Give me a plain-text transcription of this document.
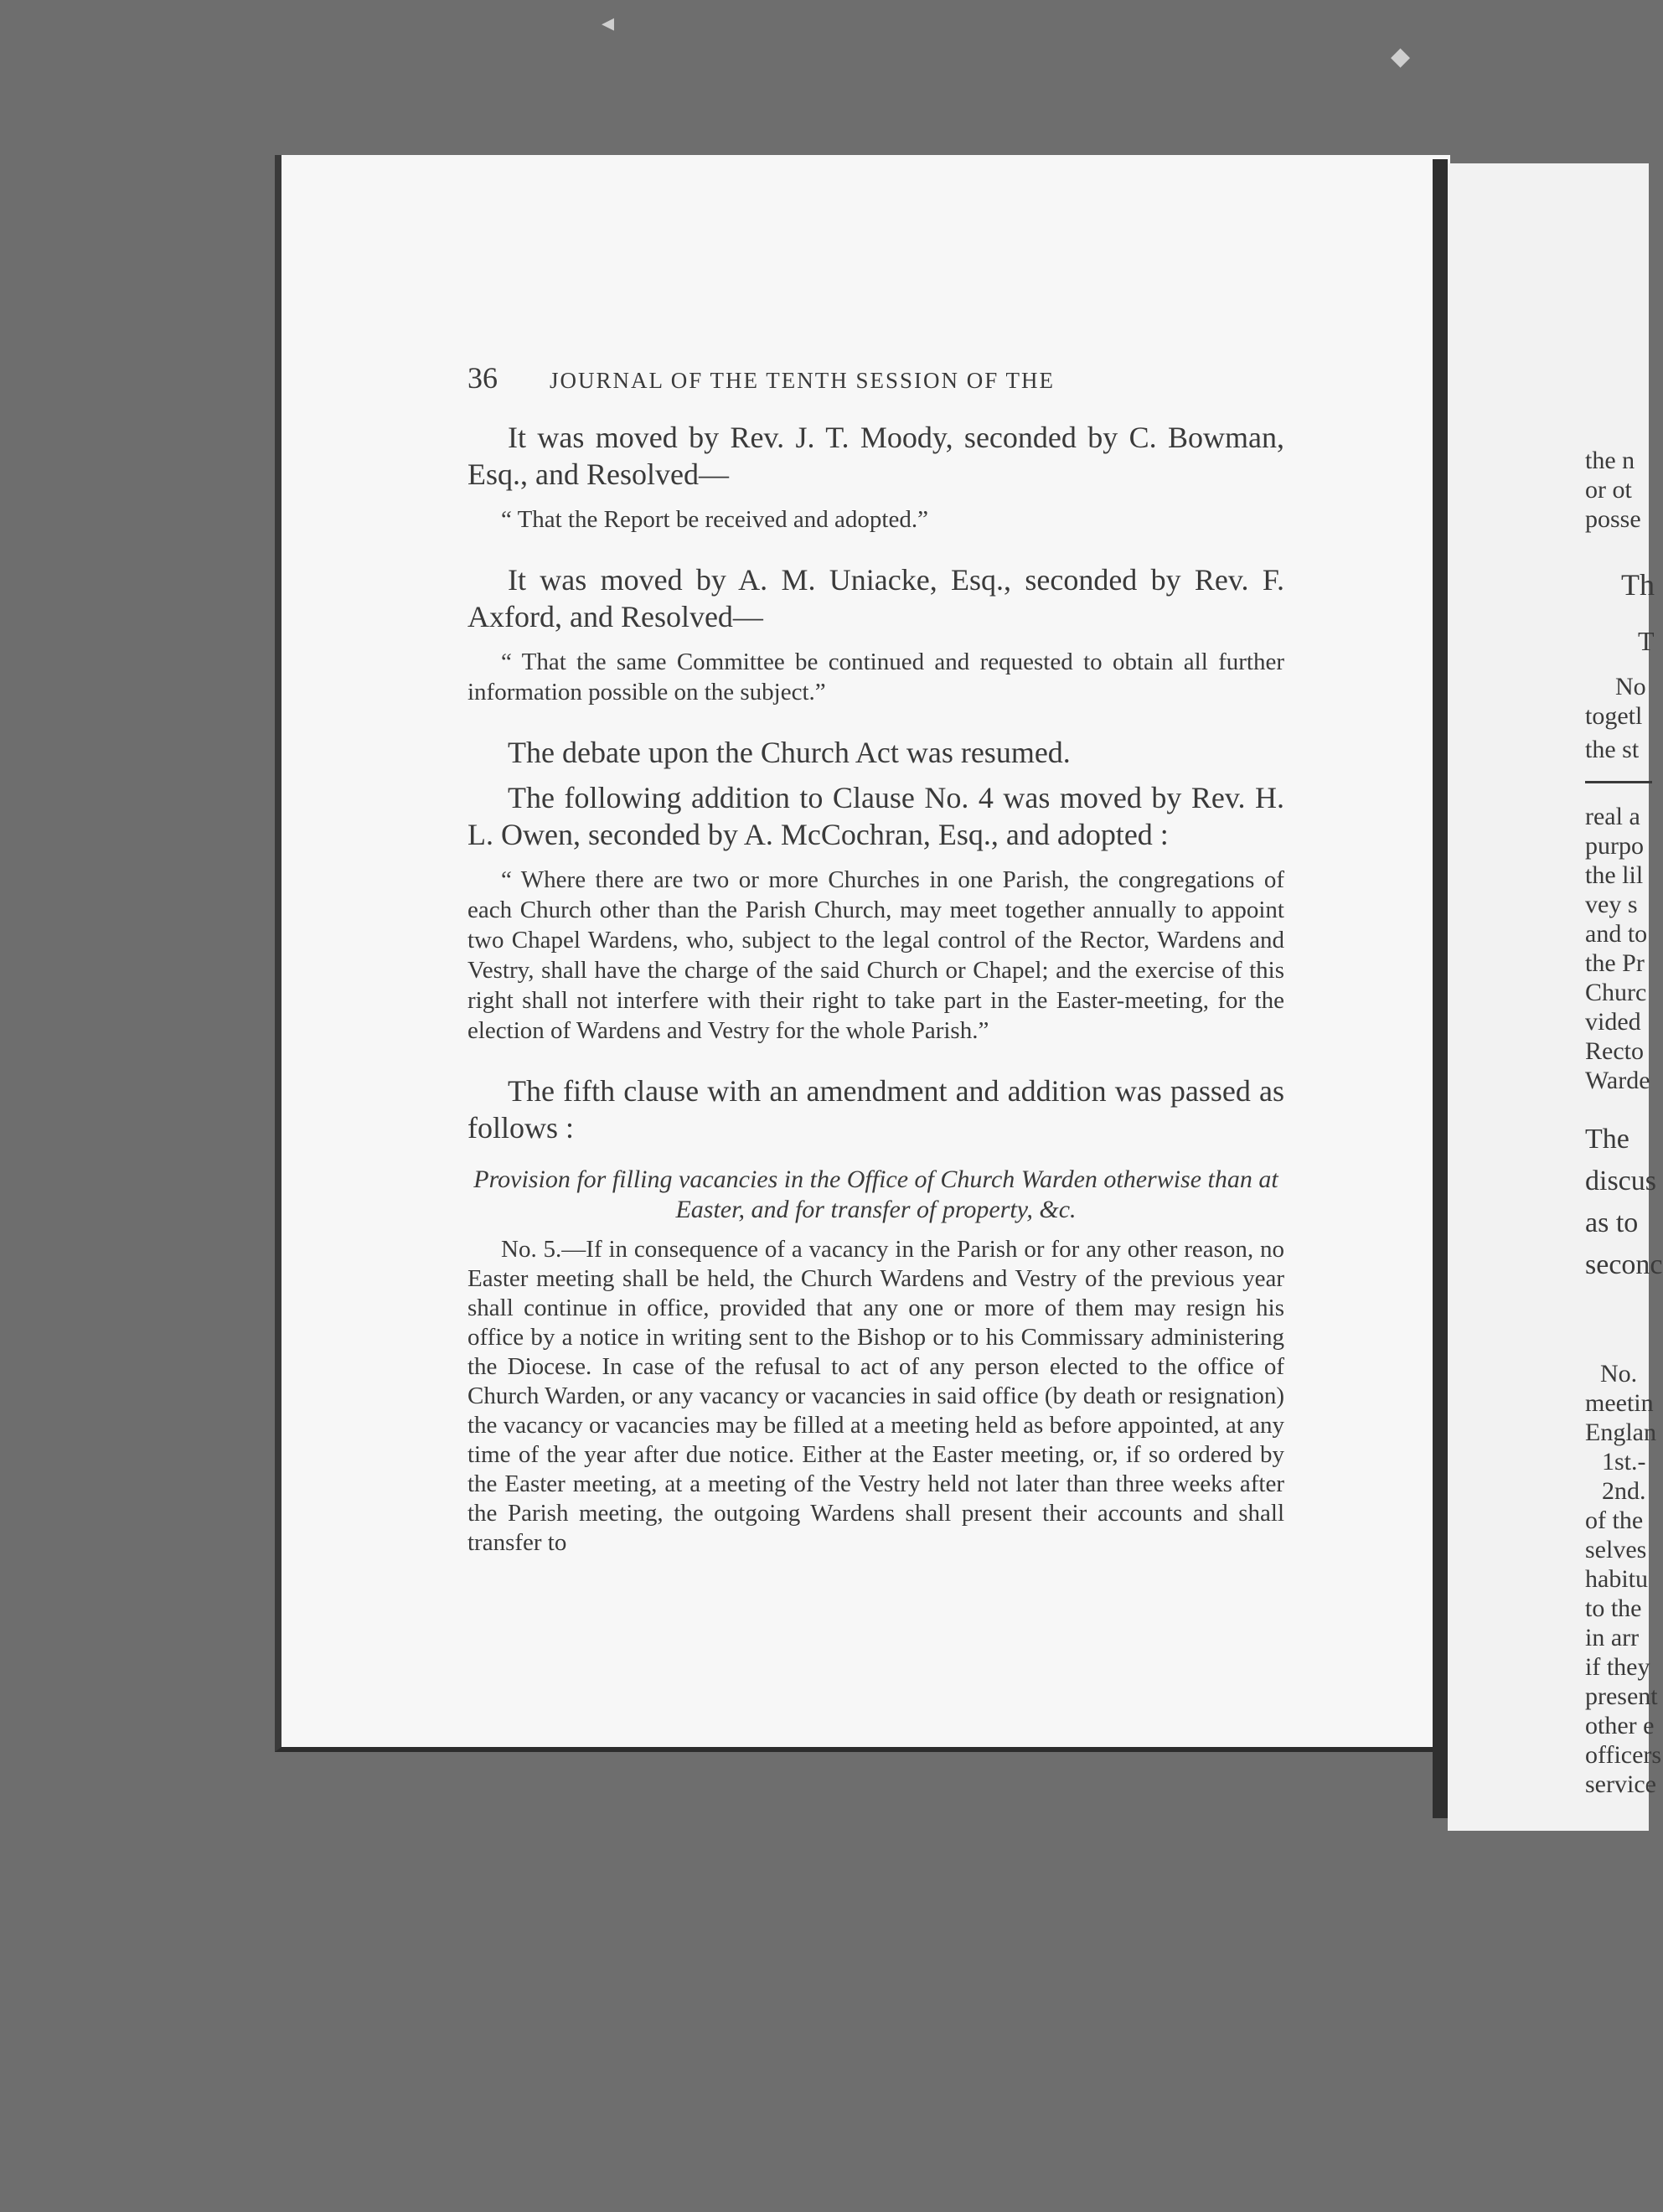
◂
◆
36 JOURNAL OF THE TENTH SESSION OF THE

It was moved by Rev. J. T. Moody, seconded by C. Bowman, Esq., and Resolved—

“ That the Report be received and adopted.”

It was moved by A. M. Uniacke, Esq., seconded by Rev. F. Axford, and Resolved—

“ That the same Committee be continued and requested to obtain all further information possible on the subject.”

The debate upon the Church Act was resumed.

The following addition to Clause No. 4 was moved by Rev. H. L. Owen, seconded by A. McCochran, Esq., and adopted :

“ Where there are two or more Churches in one Parish, the congregations of each Church other than the Parish Church, may meet together annually to appoint two Chapel Wardens, who, subject to the legal control of the Rector, Wardens and Vestry, shall have the charge of the said Church or Chapel; and the exercise of this right shall not interfere with their right to take part in the Easter-meeting, for the election of Wardens and Vestry for the whole Parish.”

The fifth clause with an amendment and addition was passed as follows :

Provision for filling vacancies in the Office of Church Warden otherwise than at Easter, and for transfer of property, &c.

No. 5.—If in consequence of a vacancy in the Parish or for any other reason, no Easter meeting shall be held, the Church Wardens and Vestry of the previous year shall continue in office, provided that any one or more of them may resign his office by a notice in writing sent to the Bishop or to his Commissary administering the Diocese. In case of the refusal to act of any person elected to the office of Church Warden, or any vacancy or vacancies in said office (by death or resignation) the vacancy or vacancies may be filled at a meeting held as before appointed, at any time of the year after due notice. Either at the Easter meeting, or, if so ordered by the Easter meeting, at a meeting of the Vestry held not later than three weeks after the Parish meeting, the outgoing Wardens shall present their accounts and shall transfer to

the n
or ot
posse
Th
T
No
togetl
the st
real a
purpo
the lil
vey s
and to
the Pr
Churc
vided
Recto
Warde
The
discus
as to
seconc
No.
meetin
Englan
1st.-
2nd.
of the
selves
habitu
to the
in arr
if they
present
other e
officers
service
